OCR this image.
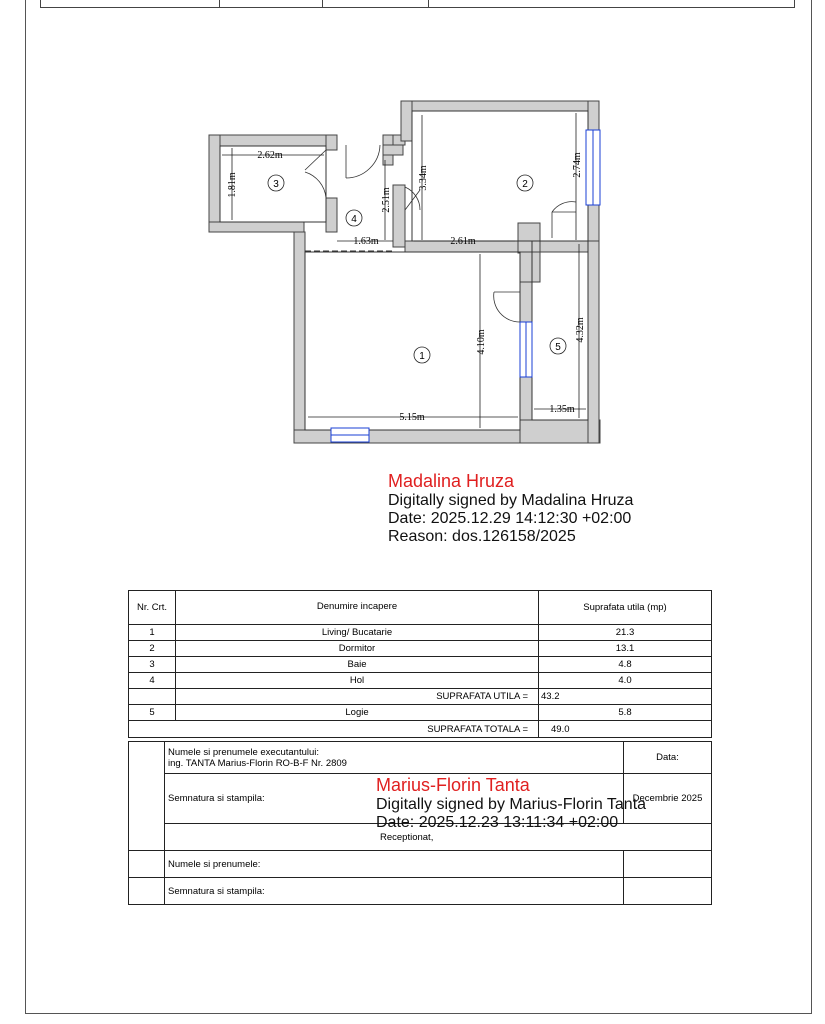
3	2
4
1
5
2.62m
1.81m
1.63m
2.51m
3.34m
2.74m
2.61m
4.10m
5.15m
4.32m
1.35m
Madalina Hruza
Digitally signed by Madalina Hruza
Date: 2025.12.29 14:12:30 +02:00
Reason: dos.126158/2025
Nr. Crt.	Denumire incapere	Suprafata utila (mp)
1	Living/ Bucatarie	21.3
2	Dormitor	13.1
3	Baie	4.8
4	Hol	4.0
	SUPRAFATA UTILA =	43.2
5	Logie	5.8
SUPRAFATA TOTALA =		49.0

	Numele si prenumele executantului:
ing. TANTA Marius-Florin RO-B-F Nr. 2809	Data:
	Semnatura si stampila:	Decembrie 2025
	Receptionat,	
	Numele si prenumele:	
	Semnatura si stampila:	
Marius-Florin Tanta
Digitally signed by Marius-Florin Tanta
Date: 2025.12.23 13:11:34 +02:00
